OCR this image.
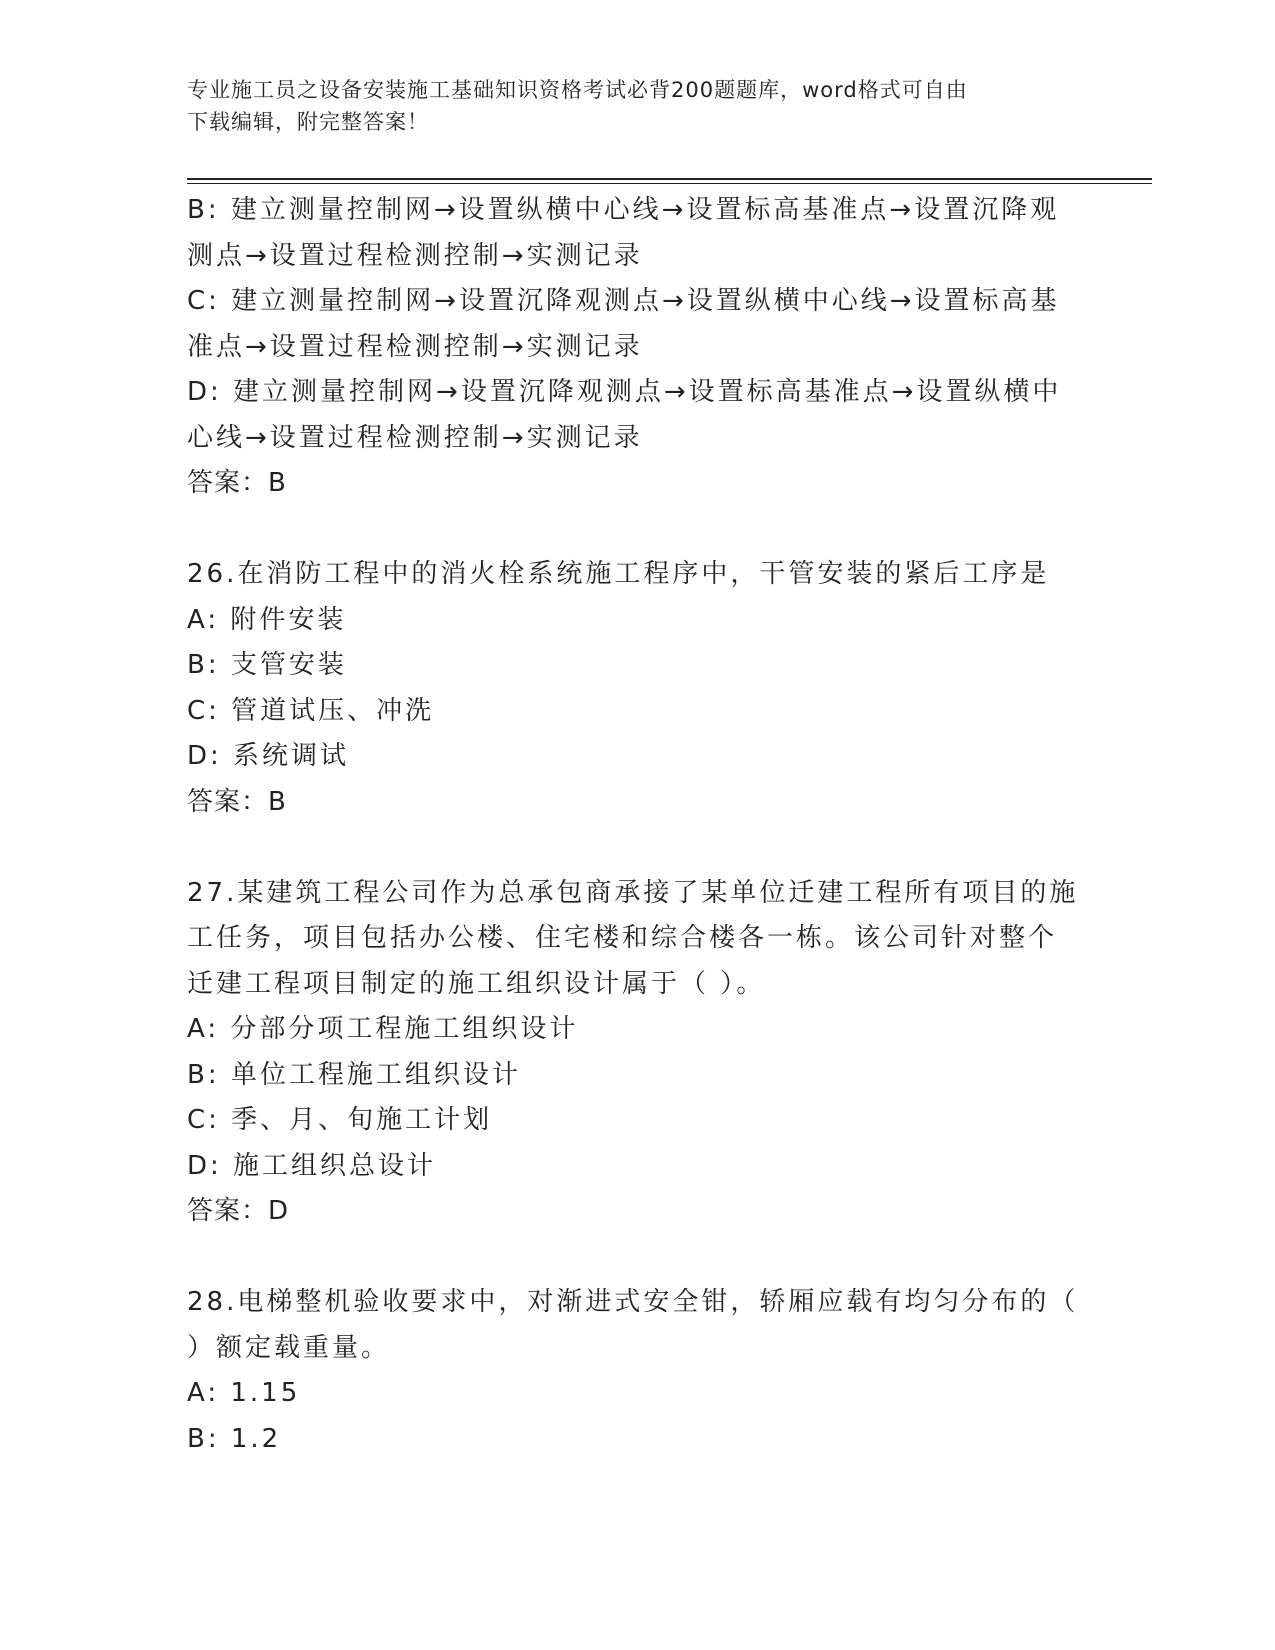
专业施工员之设备安装施工基础知识资格考试必背200题题库，word格式可自由
下载编辑，附完整答案！
B: 建立测量控制网→设置纵横中心线→设置标高基准点→设置沉降观
测点→设置过程检测控制→实测记录
C: 建立测量控制网→设置沉降观测点→设置纵横中心线→设置标高基
准点→设置过程检测控制→实测记录
D: 建立测量控制网→设置沉降观测点→设置标高基准点→设置纵横中
心线→设置过程检测控制→实测记录
答案：B
26.在消防工程中的消火栓系统施工程序中，干管安装的紧后工序是
A: 附件安装
B: 支管安装
C: 管道试压、冲洗
D: 系统调试
答案：B
27.某建筑工程公司作为总承包商承接了某单位迁建工程所有项目的施
工任务，项目包括办公楼、住宅楼和综合楼各一栋。该公司针对整个
迁建工程项目制定的施工组织设计属于（ ）。
A: 分部分项工程施工组织设计
B: 单位工程施工组织设计
C: 季、月、旬施工计划
D: 施工组织总设计
答案：D
28.电梯整机验收要求中，对渐进式安全钳，轿厢应载有均匀分布的（
）额定载重量。
A: 1.15
B: 1.2
